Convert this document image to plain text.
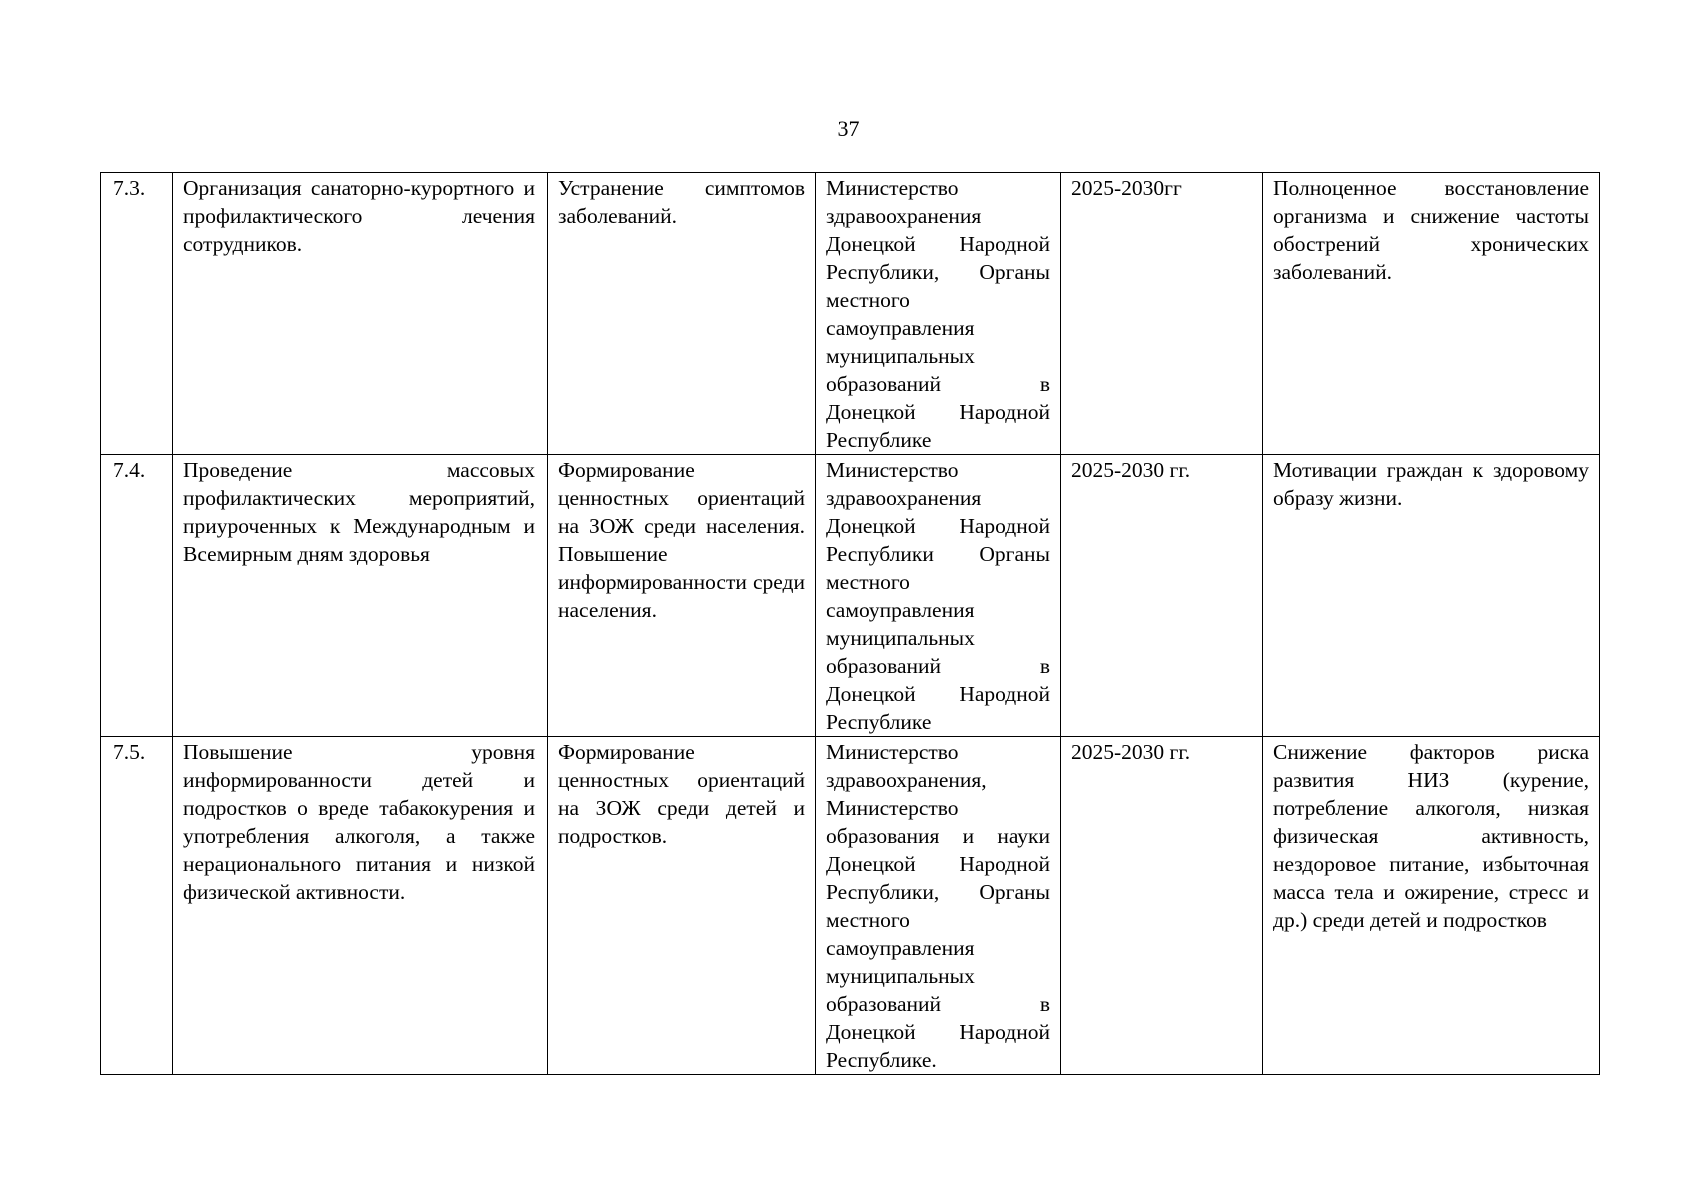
37
7.3.	Организация санаторно-курортного и профилактического лечения сотрудников.	Устранение симптомов заболеваний.	Министерство здравоохранения Донецкой Народной Республики, Органы местного самоуправления муниципальных образований в Донецкой Народной Республике	2025-2030гг	Полноценное восстановление организма и снижение частоты обострений хронических заболеваний.
7.4.	Проведение массовых профилактических мероприятий, приуроченных к Международным и Всемирным дням здоровья	Формирование ценностных ориентаций на ЗОЖ среди населения. Повышение информированности среди населения.	Министерство здравоохранения Донецкой Народной Республики Органы местного самоуправления муниципальных образований в Донецкой Народной Республике	2025-2030 гг.	Мотивации граждан к здоровому образу жизни.
7.5.	Повышение уровня информированности детей и подростков о вреде табакокурения и употребления алкоголя, а также нерационального питания и низкой физической активности.	Формирование ценностных ориентаций на ЗОЖ среди детей и подростков.	Министерство здравоохранения, Министерство образования и науки Донецкой Народной Республики, Органы местного самоуправления муниципальных образований в Донецкой Народной Республике.	2025-2030 гг.	Снижение факторов риска развития НИЗ (курение, потребление алкоголя, низкая физическая активность, нездоровое питание, избыточная масса тела и ожирение, стресс и др.) среди детей и подростков
